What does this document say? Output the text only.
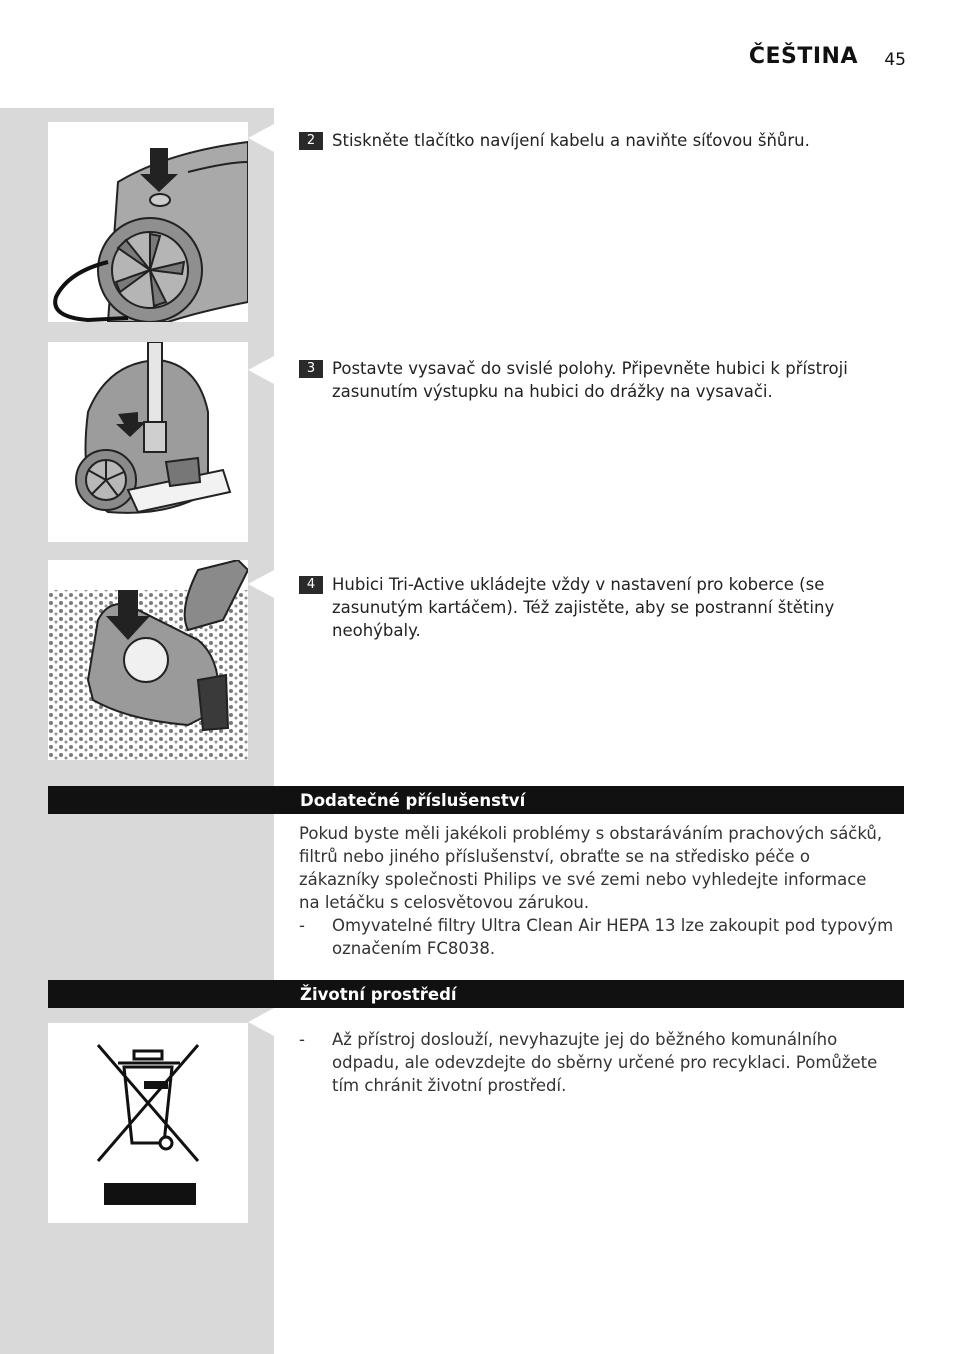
ČEŠTINA 45
2	Stiskněte tlačítko navíjení kabelu a naviňte síťovou šňůru.
3	Postavte vysavač do svislé polohy. Připevněte hubici k přístroji zasunutím výstupku na hubici do drážky na vysavači.
4	Hubici Tri-Active ukládejte vždy v nastavení pro koberce (se zasunutým kartáčem). Též zajistěte, aby se postranní štětiny neohýbaly.
Dodatečné příslušenství
Pokud byste měli jakékoli problémy s obstaráváním prachových sáčků, filtrů nebo jiného příslušenství, obraťte se na středisko péče o zákazníky společnosti Philips ve své zemi nebo vyhledejte informace na letáčku s celosvětovou zárukou.
- Omyvatelné filtry Ultra Clean Air HEPA 13 lze zakoupit pod typovým označením FC8038.
Životní prostředí
- Až přístroj doslouží, nevyhazujte jej do běžného komunálního odpadu, ale odevzdejte do sběrny určené pro recyklaci. Pomůžete tím chránit životní prostředí.
